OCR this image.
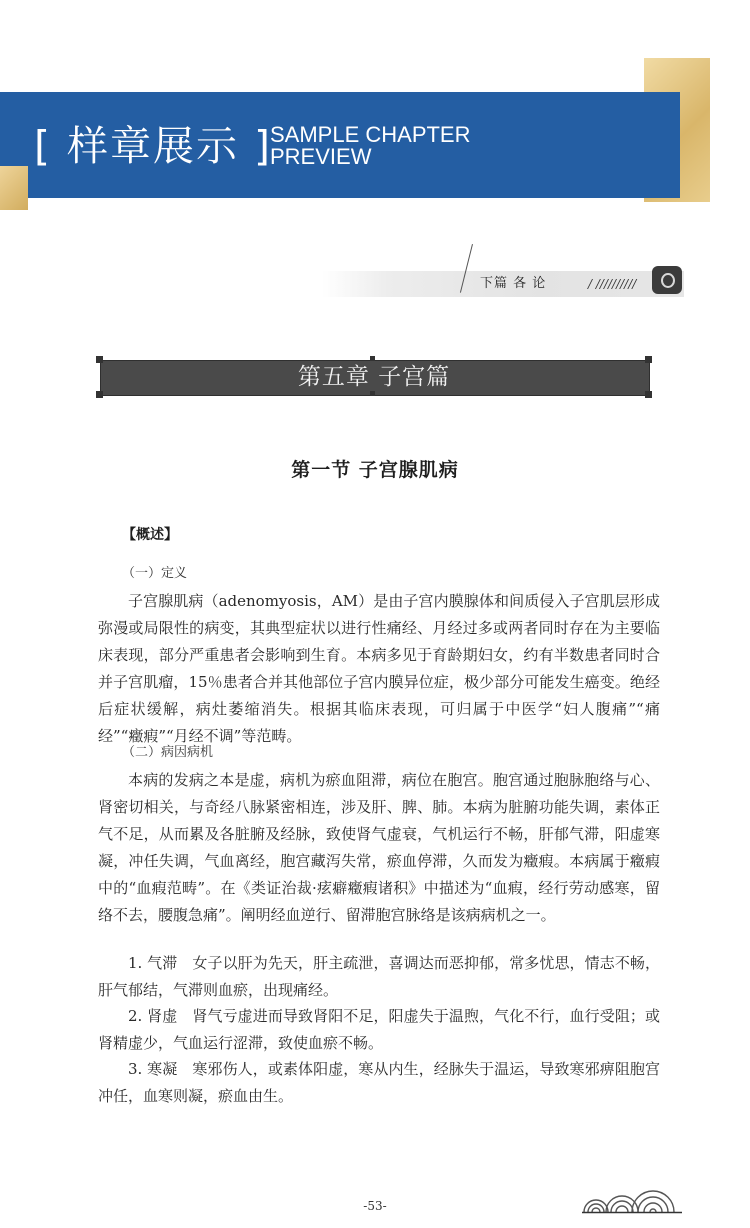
[ 样章展示 ]
SAMPLE CHAPTER PREVIEW
下篇 各 论	/ //////////
第五章 子宫篇
第一节 子宫腺肌病
【概述】
（一）定义

子宫腺肌病（adenomyosis，AM）是由子宫内膜腺体和间质侵入子宫肌层形成弥漫或局限性的病变，其典型症状以进行性痛经、月经过多或两者同时存在为主要临床表现，部分严重患者会影响到生育。本病多见于育龄期妇女，约有半数患者同时合并子宫肌瘤，15％患者合并其他部位子宫内膜异位症，极少部分可能发生癌变。绝经后症状缓解，病灶萎缩消失。根据其临床表现，可归属于中医学“妇人腹痛”“痛经”“癥瘕”“月经不调”等范畴。

（二）病因病机

本病的发病之本是虚，病机为瘀血阻滞，病位在胞宫。胞宫通过胞脉胞络与心、肾密切相关，与奇经八脉紧密相连，涉及肝、脾、肺。本病为脏腑功能失调，素体正气不足，从而累及各脏腑及经脉，致使肾气虚衰，气机运行不畅，肝郁气滞，阳虚寒凝，冲任失调，气血离经，胞宫藏泻失常，瘀血停滞，久而发为癥瘕。本病属于癥瘕中的“血瘕范畴”。在《类证治裁·痃癖癥瘕诸积》中描述为“血瘕，经行劳动感寒，留络不去，腰腹急痛”。阐明经血逆行、留滞胞宫脉络是该病病机之一。

1. 气滞　女子以肝为先天，肝主疏泄，喜调达而恶抑郁，常多忧思，情志不畅，肝气郁结，气滞则血瘀，出现痛经。

2. 肾虚　肾气亏虚进而导致肾阳不足，阳虚失于温煦，气化不行，血行受阻；或肾精虚少，气血运行涩滞，致使血瘀不畅。

3. 寒凝　寒邪伤人，或素体阳虚，寒从内生，经脉失于温运，导致寒邪痹阻胞宫冲任，血寒则凝，瘀血由生。

-53-
